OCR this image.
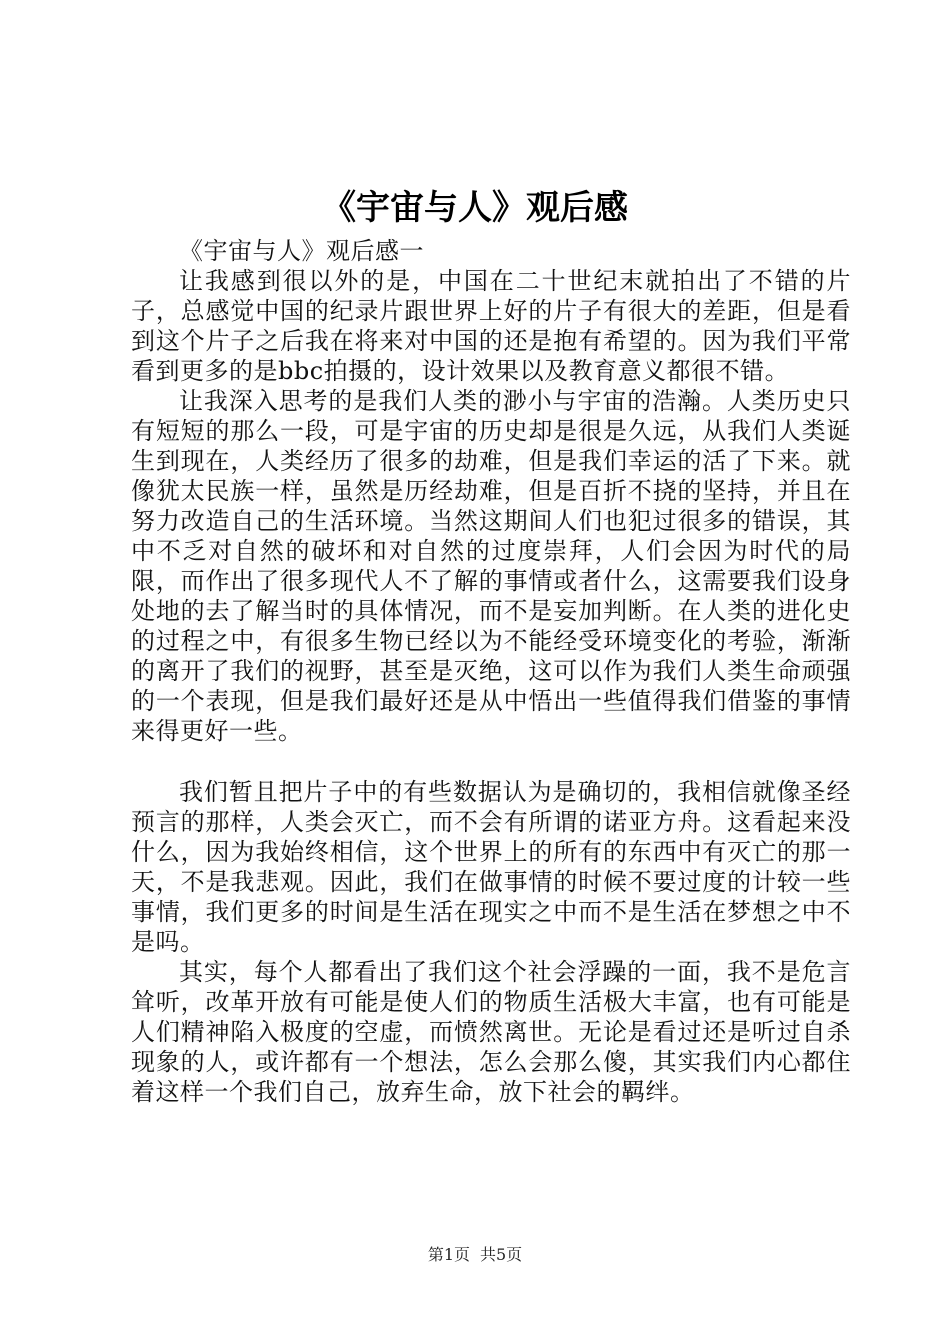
《宇宙与人》观后感

《宇宙与人》观后感一

让我感到很以外的是，中国在二十世纪末就拍出了不错的片子，总感觉中国的纪录片跟世界上好的片子有很大的差距，但是看到这个片子之后我在将来对中国的还是抱有希望的。因为我们平常看到更多的是bbc拍摄的，设计效果以及教育意义都很不错。

让我深入思考的是我们人类的渺小与宇宙的浩瀚。人类历史只有短短的那么一段，可是宇宙的历史却是很是久远，从我们人类诞生到现在，人类经历了很多的劫难，但是我们幸运的活了下来。就像犹太民族一样，虽然是历经劫难，但是百折不挠的坚持，并且在努力改造自己的生活环境。当然这期间人们也犯过很多的错误，其中不乏对自然的破坏和对自然的过度崇拜，人们会因为时代的局限，而作出了很多现代人不了解的事情或者什么，这需要我们设身处地的去了解当时的具体情况，而不是妄加判断。在人类的进化史的过程之中，有很多生物已经以为不能经受环境变化的考验，渐渐的离开了我们的视野，甚至是灭绝，这可以作为我们人类生命顽强的一个表现，但是我们最好还是从中悟出一些值得我们借鉴的事情来得更好一些。

我们暂且把片子中的有些数据认为是确切的，我相信就像圣经预言的那样，人类会灭亡，而不会有所谓的诺亚方舟。这看起来没什么，因为我始终相信，这个世界上的所有的东西中有灭亡的那一天，不是我悲观。因此，我们在做事情的时候不要过度的计较一些事情，我们更多的时间是生活在现实之中而不是生活在梦想之中不是吗。

其实，每个人都看出了我们这个社会浮躁的一面，我不是危言耸听，改革开放有可能是使人们的物质生活极大丰富，也有可能是人们精神陷入极度的空虚，而愤然离世。无论是看过还是听过自杀现象的人，或许都有一个想法，怎么会那么傻，其实我们内心都住着这样一个我们自己，放弃生命，放下社会的羁绊。

第1页 共5页
